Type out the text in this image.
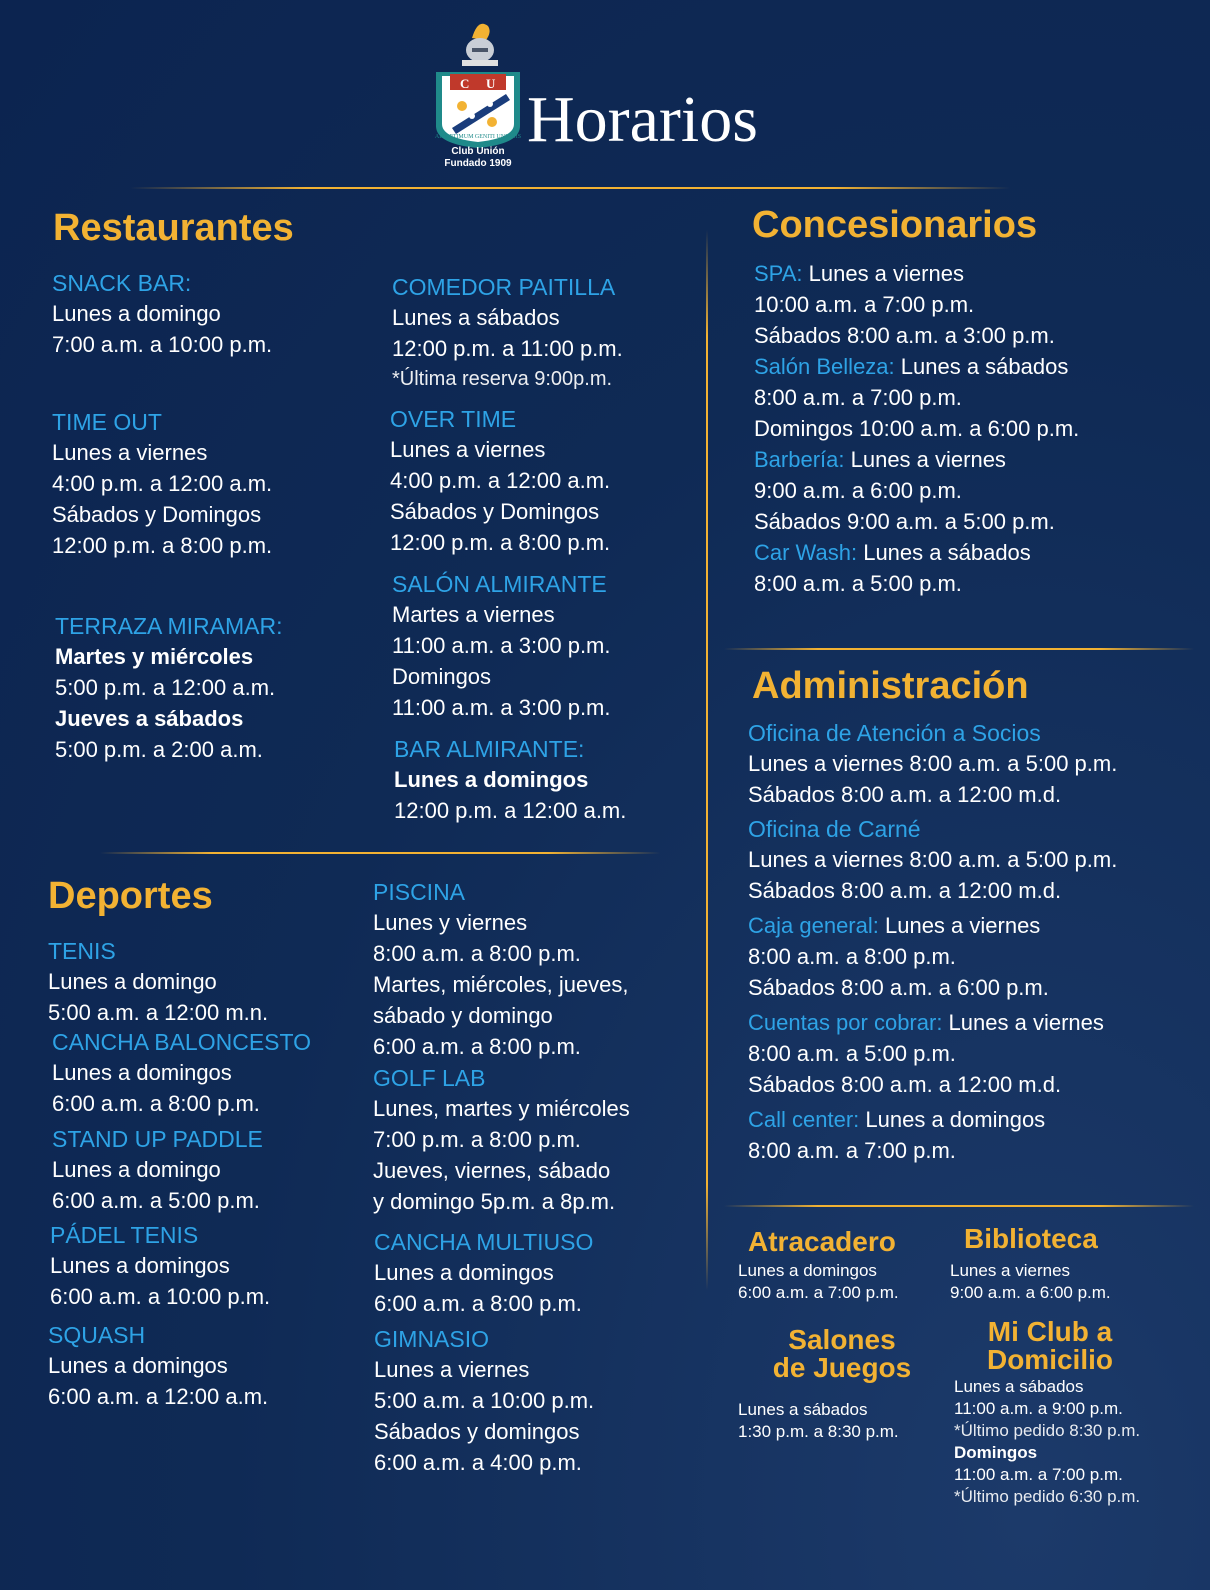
C U
AD OPTIMUM GENITI UNIONIS
Club Unión
Fundado 1909
Horarios
Restaurantes
SNACK BAR:
Lunes a domingo
7:00 a.m. a 10:00 p.m.
TIME OUT
Lunes a viernes
4:00 p.m. a 12:00 a.m.
Sábados y Domingos
12:00 p.m. a 8:00 p.m.
TERRAZA MIRAMAR:
Martes y miércoles
5:00 p.m. a 12:00 a.m.
Jueves a sábados
5:00 p.m. a 2:00 a.m.
COMEDOR PAITILLA
Lunes a sábados
12:00 p.m. a 11:00 p.m.
*Última reserva 9:00p.m.
OVER TIME
Lunes a viernes
4:00 p.m. a 12:00 a.m.
Sábados y Domingos
12:00 p.m. a 8:00 p.m.
SALÓN ALMIRANTE
Martes a viernes
11:00 a.m. a 3:00 p.m.
Domingos
11:00 a.m. a 3:00 p.m.
BAR ALMIRANTE:
Lunes a domingos
12:00 p.m. a 12:00 a.m.
Deportes
TENIS
Lunes a domingo
5:00 a.m. a 12:00 m.n.
CANCHA BALONCESTO
Lunes a domingos
6:00 a.m. a 8:00 p.m.
STAND UP PADDLE
Lunes a domingo
6:00 a.m. a 5:00 p.m.
PÁDEL TENIS
Lunes a domingos
6:00 a.m. a 10:00 p.m.
SQUASH
Lunes a domingos
6:00 a.m. a 12:00 a.m.
PISCINA
Lunes y viernes
8:00 a.m. a 8:00 p.m.
Martes, miércoles, jueves,
sábado y domingo
6:00 a.m. a 8:00 p.m.
GOLF LAB
Lunes, martes y miércoles
7:00 p.m. a 8:00 p.m.
Jueves, viernes, sábado
y domingo 5p.m. a 8p.m.
CANCHA MULTIUSO
Lunes a domingos
6:00 a.m. a 8:00 p.m.
GIMNASIO
Lunes a viernes
5:00 a.m. a 10:00 p.m.
Sábados y domingos
6:00 a.m. a 4:00 p.m.
Concesionarios
SPA: Lunes a viernes
10:00 a.m. a 7:00 p.m.
Sábados 8:00 a.m. a 3:00 p.m.
Salón Belleza: Lunes a sábados
8:00 a.m. a 7:00 p.m.
Domingos 10:00 a.m. a 6:00 p.m.
Barbería: Lunes a viernes
9:00 a.m. a 6:00 p.m.
Sábados 9:00 a.m. a 5:00 p.m.
Car Wash: Lunes a sábados
8:00 a.m. a 5:00 p.m.
Administración
Oficina de Atención a Socios
Lunes a viernes 8:00 a.m. a 5:00 p.m.
Sábados 8:00 a.m. a 12:00 m.d.
Oficina de Carné
Lunes a viernes 8:00 a.m. a 5:00 p.m.
Sábados 8:00 a.m. a 12:00 m.d.
Caja general: Lunes a viernes
8:00 a.m. a 8:00 p.m.
Sábados 8:00 a.m. a 6:00 p.m.
Cuentas por cobrar: Lunes a viernes
8:00 a.m. a 5:00 p.m.
Sábados 8:00 a.m. a 12:00 m.d.
Call center: Lunes a domingos
8:00 a.m. a 7:00 p.m.
Atracadero
Lunes a domingos
6:00 a.m. a 7:00 p.m.
Biblioteca
Lunes a viernes
9:00 a.m. a 6:00 p.m.
Salones
de Juegos
Lunes a sábados
1:30 p.m. a 8:30 p.m.
Mi Club a
Domicilio
Lunes a sábados
11:00 a.m. a 9:00 p.m.
*Último pedido 8:30 p.m.
Domingos
11:00 a.m. a 7:00 p.m.
*Último pedido 6:30 p.m.
